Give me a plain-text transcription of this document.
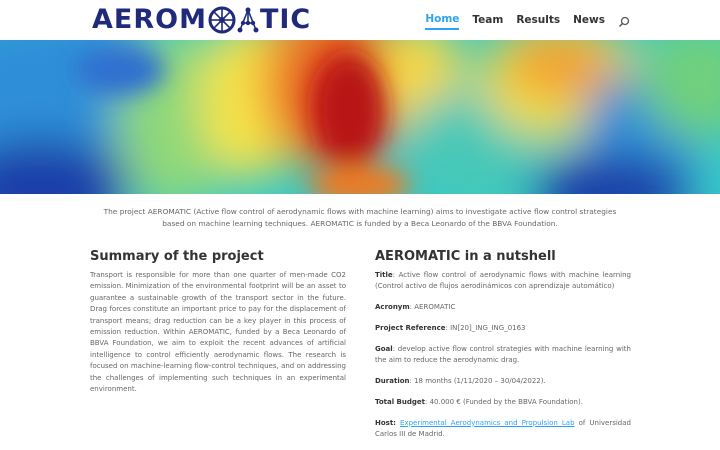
AEROM TIC	Home Team Results News
The project AEROMATIC (Active flow control of aerodynamic flows with machine learning) aims to investigate active flow control strategies based on machine learning techniques. AEROMATIC is funded by a Beca Leonardo of the BBVA Foundation.
Summary of the project

Transport is responsible for more than one quarter of men-made CO2 emission. Minimization of the environmental footprint will be an asset to guarantee a sustainable growth of the transport sector in the future. Drag forces constitute an important price to pay for the displacement of transport means; drag reduction can be a key player in this process of emission reduction. Within AEROMATIC, funded by a Beca Leonardo of BBVA Foundation, we aim to exploit the recent advances of artificial intelligence to control efficiently aerodynamic flows. The research is focused on machine-learning flow-control techniques, and on addressing the challenges of implementing such techniques in an experimental environment.

AEROMATIC in a nutshell

Title: Active flow control of aerodynamic flows with machine learning (Control activo de flujos aerodinámicos con aprendizaje automático)

Acronym: AEROMATIC

Project Reference: IN[20]_ING_ING_0163

Goal: develop active flow control strategies with machine learning with the aim to reduce the aerodynamic drag.

Duration: 18 months (1/11/2020 – 30/04/2022).

Total Budget: 40.000 € (Funded by the BBVA Foundation).

Host: Experimental Aerodynamics and Propulsion Lab of Universidad Carlos III de Madrid.
